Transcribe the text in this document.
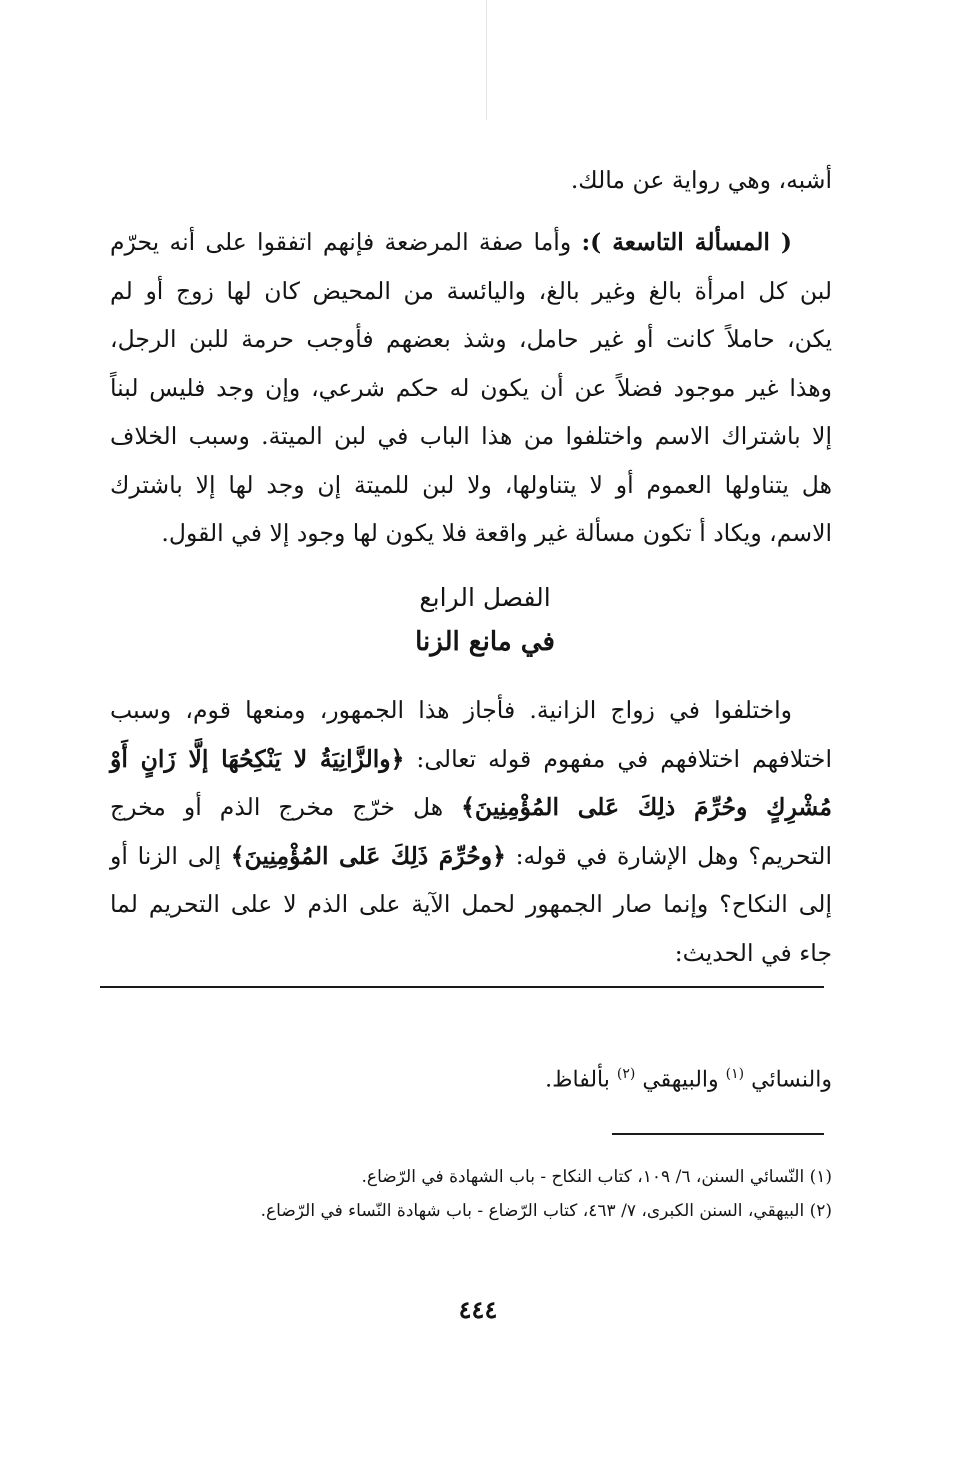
أشبه، وهي رواية عن مالك.
( المسألة التاسعة ): وأما صفة المرضعة فإنهم اتفقوا على أنه يحرّم
لبن كل امرأة بالغ وغير بالغ، واليائسة من المحيض كان لها زوج أو لم
يكن، حاملاً كانت أو غير حامل، وشذ بعضهم فأوجب حرمة للبن الرجل،
وهذا غير موجود فضلاً عن أن يكون له حكم شرعي، وإن وجد فليس لبناً
إلا باشتراك الاسم واختلفوا من هذا الباب في لبن الميتة. وسبب الخلاف
هل يتناولها العموم أو لا يتناولها، ولا لبن للميتة إن وجد لها إلا باشترك
الاسم، ويكاد أ تكون مسألة غير واقعة فلا يكون لها وجود إلا في القول.
الفصل الرابع
في مانع الزنا
واختلفوا في زواج الزانية. فأجاز هذا الجمهور، ومنعها قوم، وسبب
اختلافهم اختلافهم في مفهوم قوله تعالى: ﴿والزَّانِيَةُ لا يَنْكِحُهَا إلَّا زَانٍ أَوْ
مُشْرِكٍ وحُرِّمَ ذلِكَ عَلى المُؤْمِنِينَ﴾ هل خرّج مخرج الذم أو مخرج
التحريم؟ وهل الإشارة في قوله: ﴿وحُرِّمَ ذَلِكَ عَلى المُؤْمِنِينَ﴾ إلى الزنا أو
إلى النكاح؟ وإنما صار الجمهور لحمل الآية على الذم لا على التحريم لما
جاء في الحديث:
والنسائي $^{(١)}$ والبيهقي $^{(٢)}$ بألفاظ.
(١) النّسائي السنن، ٦/ ١٠٩، كتاب النكاح - باب الشهادة في الرّضاع.
(٢) البيهقي، السنن الكبرى، ٧/ ٤٦٣، كتاب الرّضاع - باب شهادة النّساء في الرّضاع.
٤٤٤
